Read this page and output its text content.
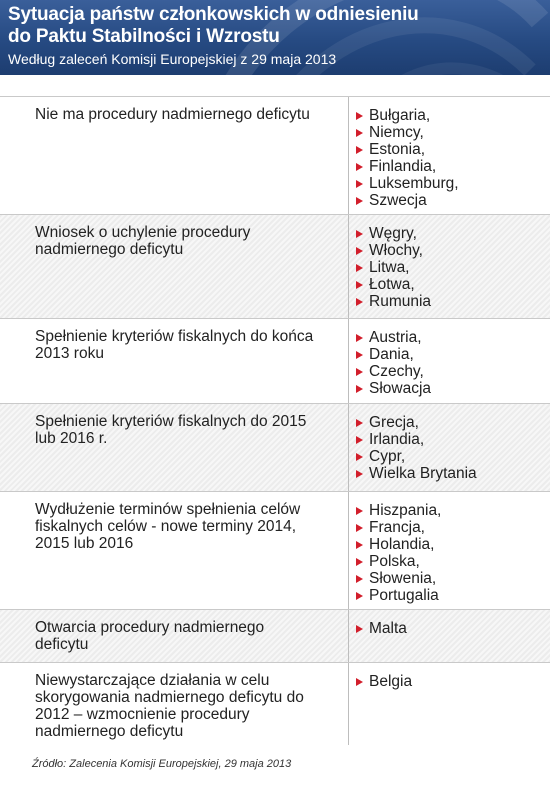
Sytuacja państw członkowskich w odniesieniu
do Paktu Stabilności i Wzrostu
Według zaleceń Komisji Europejskiej z 29 maja 2013
Nie ma procedury nadmiernego deficytu	Bułgaria,
Niemcy,
Estonia,
Finlandia,
Luksemburg,
Szwecja
Wniosek o uchylenie procedury nadmiernego deficytu
Węgry,
Włochy,
Litwa,
Łotwa,
Rumunia
Spełnienie kryteriów fiskalnych do końca 2013 roku
Austria,
Dania,
Czechy,
Słowacja
Spełnienie kryteriów fiskalnych do 2015 lub 2016 r.
Grecja,
Irlandia,
Cypr,
Wielka Brytania
Wydłużenie terminów spełnienia celów fiskalnych celów - nowe terminy 2014, 2015 lub 2016
Hiszpania,
Francja,
Holandia,
Polska,
Słowenia,
Portugalia
Otwarcia procedury nadmiernego deficytu
Malta
Niewystarczające działania w celu skorygowania nadmiernego deficytu do 2012 – wzmocnienie procedury nadmiernego deficytu
Belgia
Źródło: Zalecenia Komisji Europejskiej, 29 maja 2013
